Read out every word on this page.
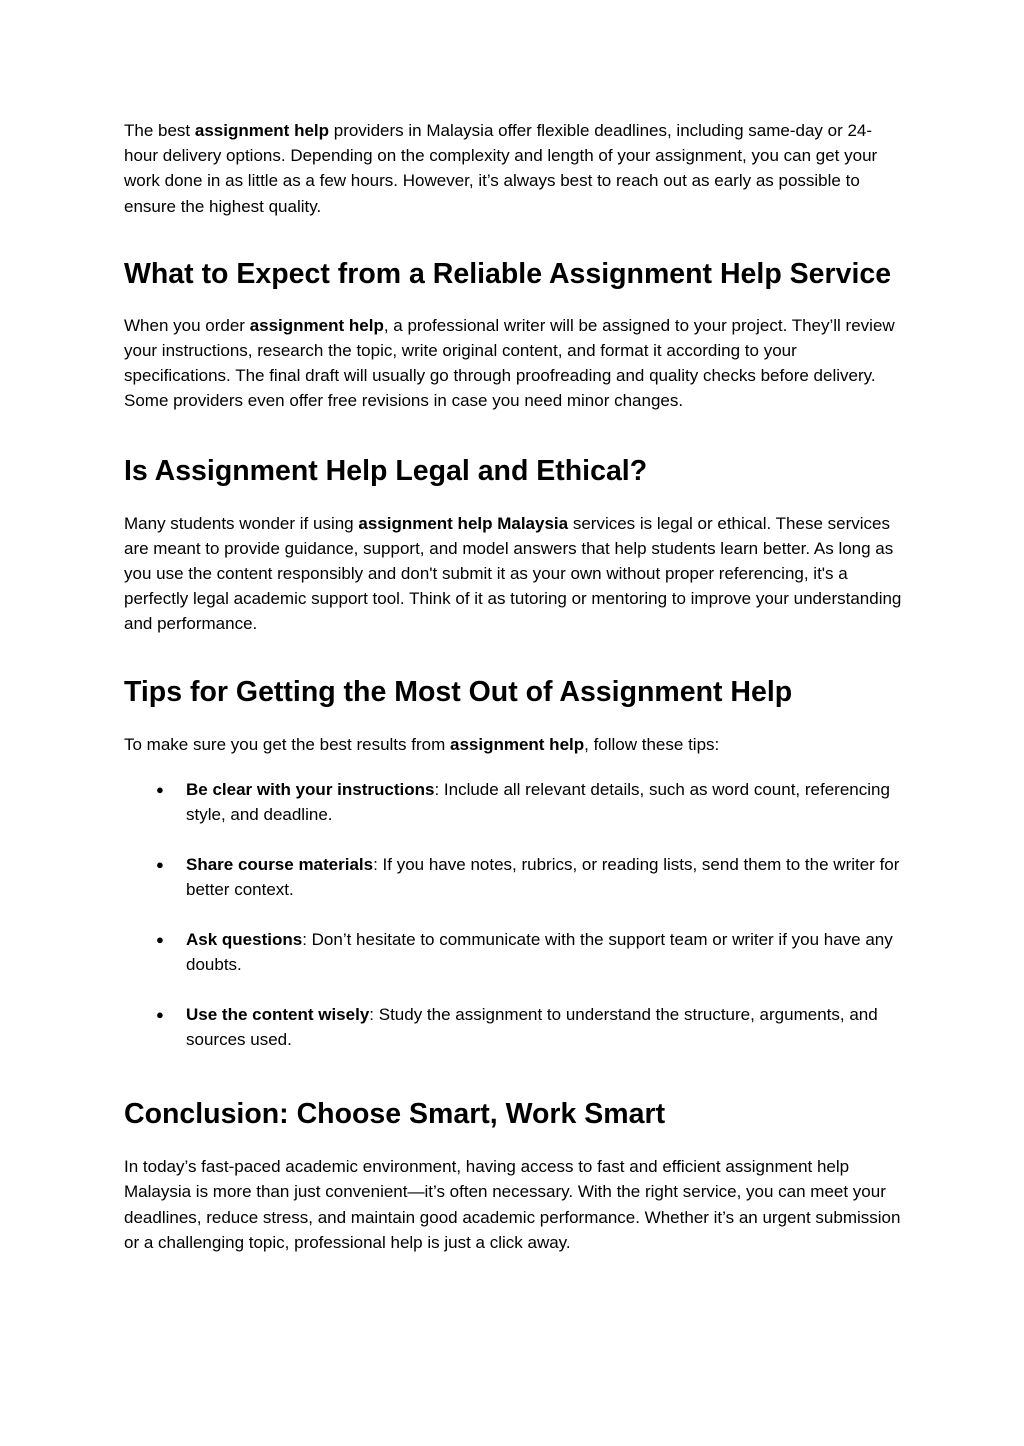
The best assignment help providers in Malaysia offer flexible deadlines, including same-day or 24-hour delivery options. Depending on the complexity and length of your assignment, you can get your work done in as little as a few hours. However, it’s always best to reach out as early as possible to ensure the highest quality.

What to Expect from a Reliable Assignment Help Service

When you order assignment help, a professional writer will be assigned to your project. They’ll review your instructions, research the topic, write original content, and format it according to your specifications. The final draft will usually go through proofreading and quality checks before delivery. Some providers even offer free revisions in case you need minor changes.

Is Assignment Help Legal and Ethical?

Many students wonder if using assignment help Malaysia services is legal or ethical. These services are meant to provide guidance, support, and model answers that help students learn better. As long as you use the content responsibly and don't submit it as your own without proper referencing, it's a perfectly legal academic support tool. Think of it as tutoring or mentoring to improve your understanding and performance.

Tips for Getting the Most Out of Assignment Help

To make sure you get the best results from assignment help, follow these tips:

● Be clear with your instructions: Include all relevant details, such as word count, referencing style, and deadline.
● Share course materials: If you have notes, rubrics, or reading lists, send them to the writer for better context.
● Ask questions: Don’t hesitate to communicate with the support team or writer if you have any doubts.
● Use the content wisely: Study the assignment to understand the structure, arguments, and sources used.
Conclusion: Choose Smart, Work Smart

In today’s fast-paced academic environment, having access to fast and efficient assignment help Malaysia is more than just convenient—it’s often necessary. With the right service, you can meet your deadlines, reduce stress, and maintain good academic performance. Whether it’s an urgent submission or a challenging topic, professional help is just a click away.
